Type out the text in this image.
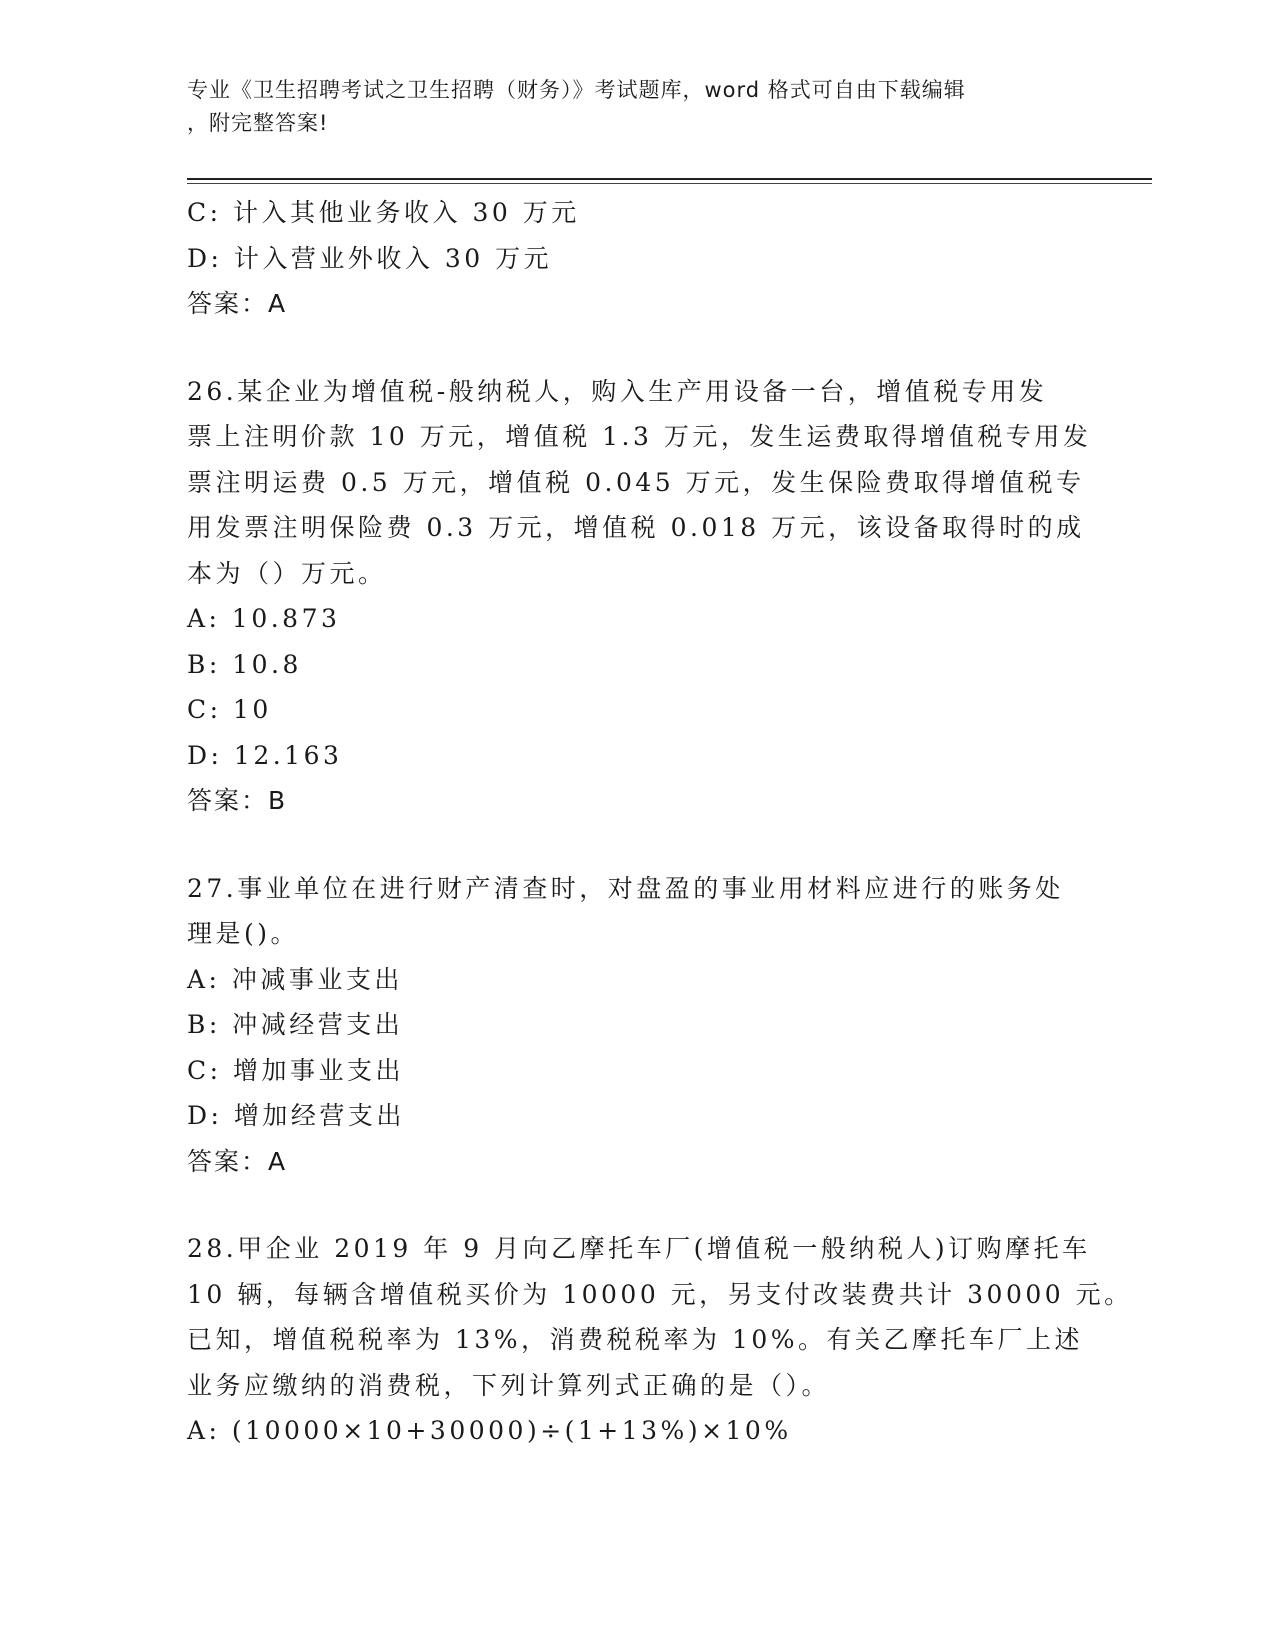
专业《卫生招聘考试之卫生招聘（财务）》考试题库，word 格式可自由下载编辑
，附完整答案!
C: 计入其他业务收入 30 万元
D: 计入营业外收入 30 万元
答案：A
26.某企业为增值税-般纳税人，购入生产用设备一台，增值税专用发
票上注明价款 10 万元，增值税 1.3 万元，发生运费取得增值税专用发
票注明运费 0.5 万元，增值税 0.045 万元，发生保险费取得增值税专
用发票注明保险费 0.3 万元，增值税 0.018 万元，该设备取得时的成
本为（）万元。
A: 10.873
B: 10.8
C: 10
D: 12.163
答案：B
27.事业单位在进行财产清查时，对盘盈的事业用材料应进行的账务处
理是()。
A: 冲减事业支出
B: 冲减经营支出
C: 增加事业支出
D: 增加经营支出
答案：A
28.甲企业 2019 年 9 月向乙摩托车厂(增值税一般纳税人)订购摩托车
10 辆，每辆含增值税买价为 10000 元，另支付改装费共计 30000 元。
已知，增值税税率为 13%，消费税税率为 10%。有关乙摩托车厂上述
业务应缴纳的消费税，下列计算列式正确的是（）。
A: (10000×10+30000)÷(1+13%)×10%
